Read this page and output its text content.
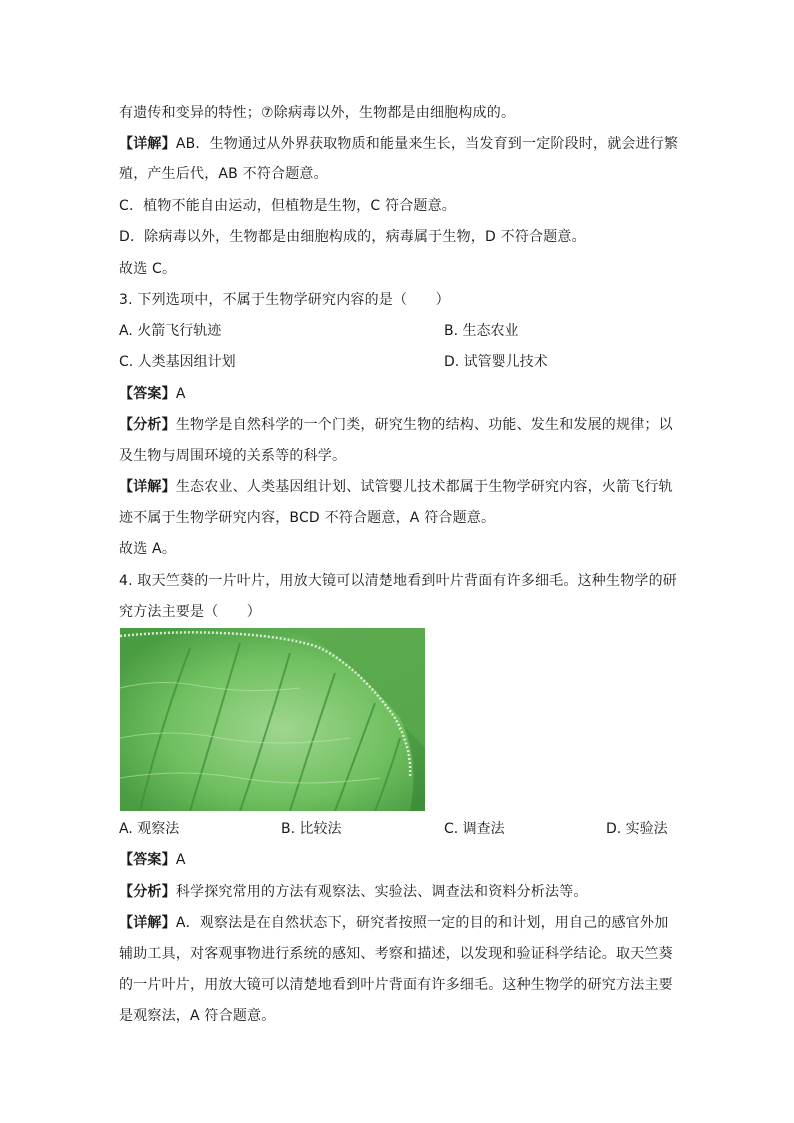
有遗传和变异的特性；⑦除病毒以外，生物都是由细胞构成的。
【详解】AB．生物通过从外界获取物质和能量来生长，当发育到一定阶段时，就会进行繁
殖，产生后代，AB 不符合题意。
C．植物不能自由运动，但植物是生物，C 符合题意。
D．除病毒以外，生物都是由细胞构成的，病毒属于生物，D 不符合题意。
故选 C。
3. 下列选项中，不属于生物学研究内容的是（　　）
A. 火箭飞行轨迹	B. 生态农业
C. 人类基因组计划	D. 试管婴儿技术
【答案】A
【分析】生物学是自然科学的一个门类，研究生物的结构、功能、发生和发展的规律；以
及生物与周围环境的关系等的科学。
【详解】生态农业、人类基因组计划、试管婴儿技术都属于生物学研究内容，火箭飞行轨
迹不属于生物学研究内容，BCD 不符合题意，A 符合题意。
故选 A。
4. 取天竺葵的一片叶片，用放大镜可以清楚地看到叶片背面有许多细毛。这种生物学的研
究方法主要是（　　）
A. 观察法	B. 比较法	C. 调查法	D. 实验法
【答案】A
【分析】科学探究常用的方法有观察法、实验法、调查法和资料分析法等。
【详解】A．观察法是在自然状态下，研究者按照一定的目的和计划，用自己的感官外加
辅助工具，对客观事物进行系统的感知、考察和描述，以发现和验证科学结论。取天竺葵
的一片叶片，用放大镜可以清楚地看到叶片背面有许多细毛。这种生物学的研究方法主要
是观察法，A 符合题意。
